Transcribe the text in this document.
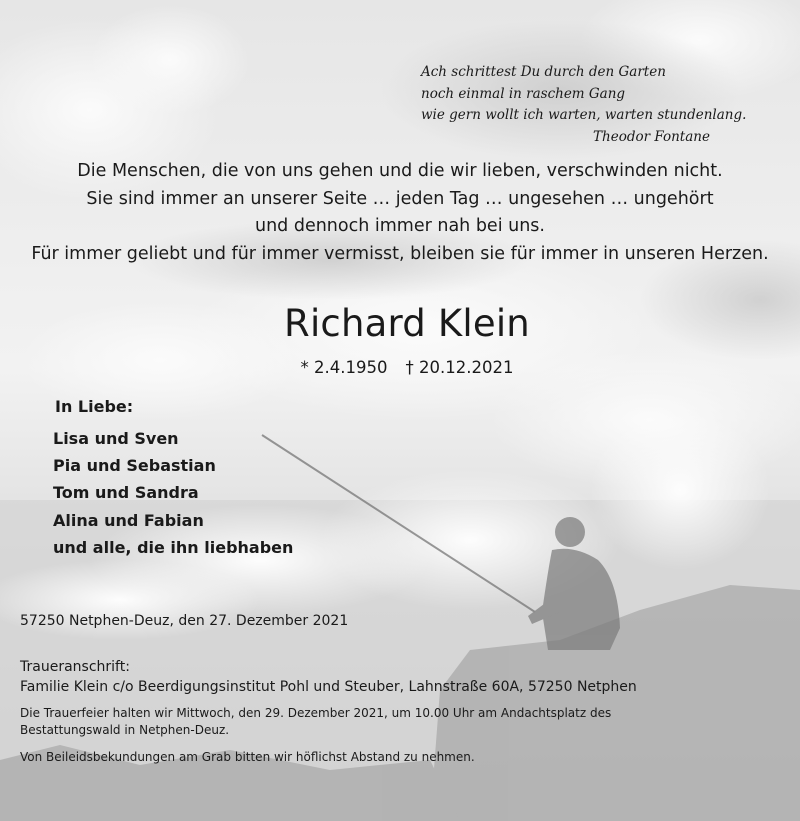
Ach schrittest Du durch den Garten
noch einmal in raschem Gang
wie gern wollt ich warten, warten stundenlang.
Theodor Fontane
Die Menschen, die von uns gehen und die wir lieben, verschwinden nicht.
Sie sind immer an unserer Seite … jeden Tag … ungesehen … ungehört
und dennoch immer nah bei uns.
Für immer geliebt und für immer vermisst, bleiben sie für immer in unseren Herzen.
Richard Klein
* 2.4.1950 † 20.12.2021
In Liebe:
Lisa und Sven
Pia und Sebastian
Tom und Sandra
Alina und Fabian
und alle, die ihn liebhaben
57250 Netphen-Deuz, den 27. Dezember 2021
Traueranschrift:
Familie Klein c/o Beerdigungsinstitut Pohl und Steuber, Lahnstraße 60A, 57250 Netphen

Die Trauerfeier halten wir Mittwoch, den 29. Dezember 2021, um 10.00 Uhr am Andachtsplatz des Bestattungswald in Netphen-Deuz.

Von Beileidsbekundungen am Grab bitten wir höflichst Abstand zu nehmen.
